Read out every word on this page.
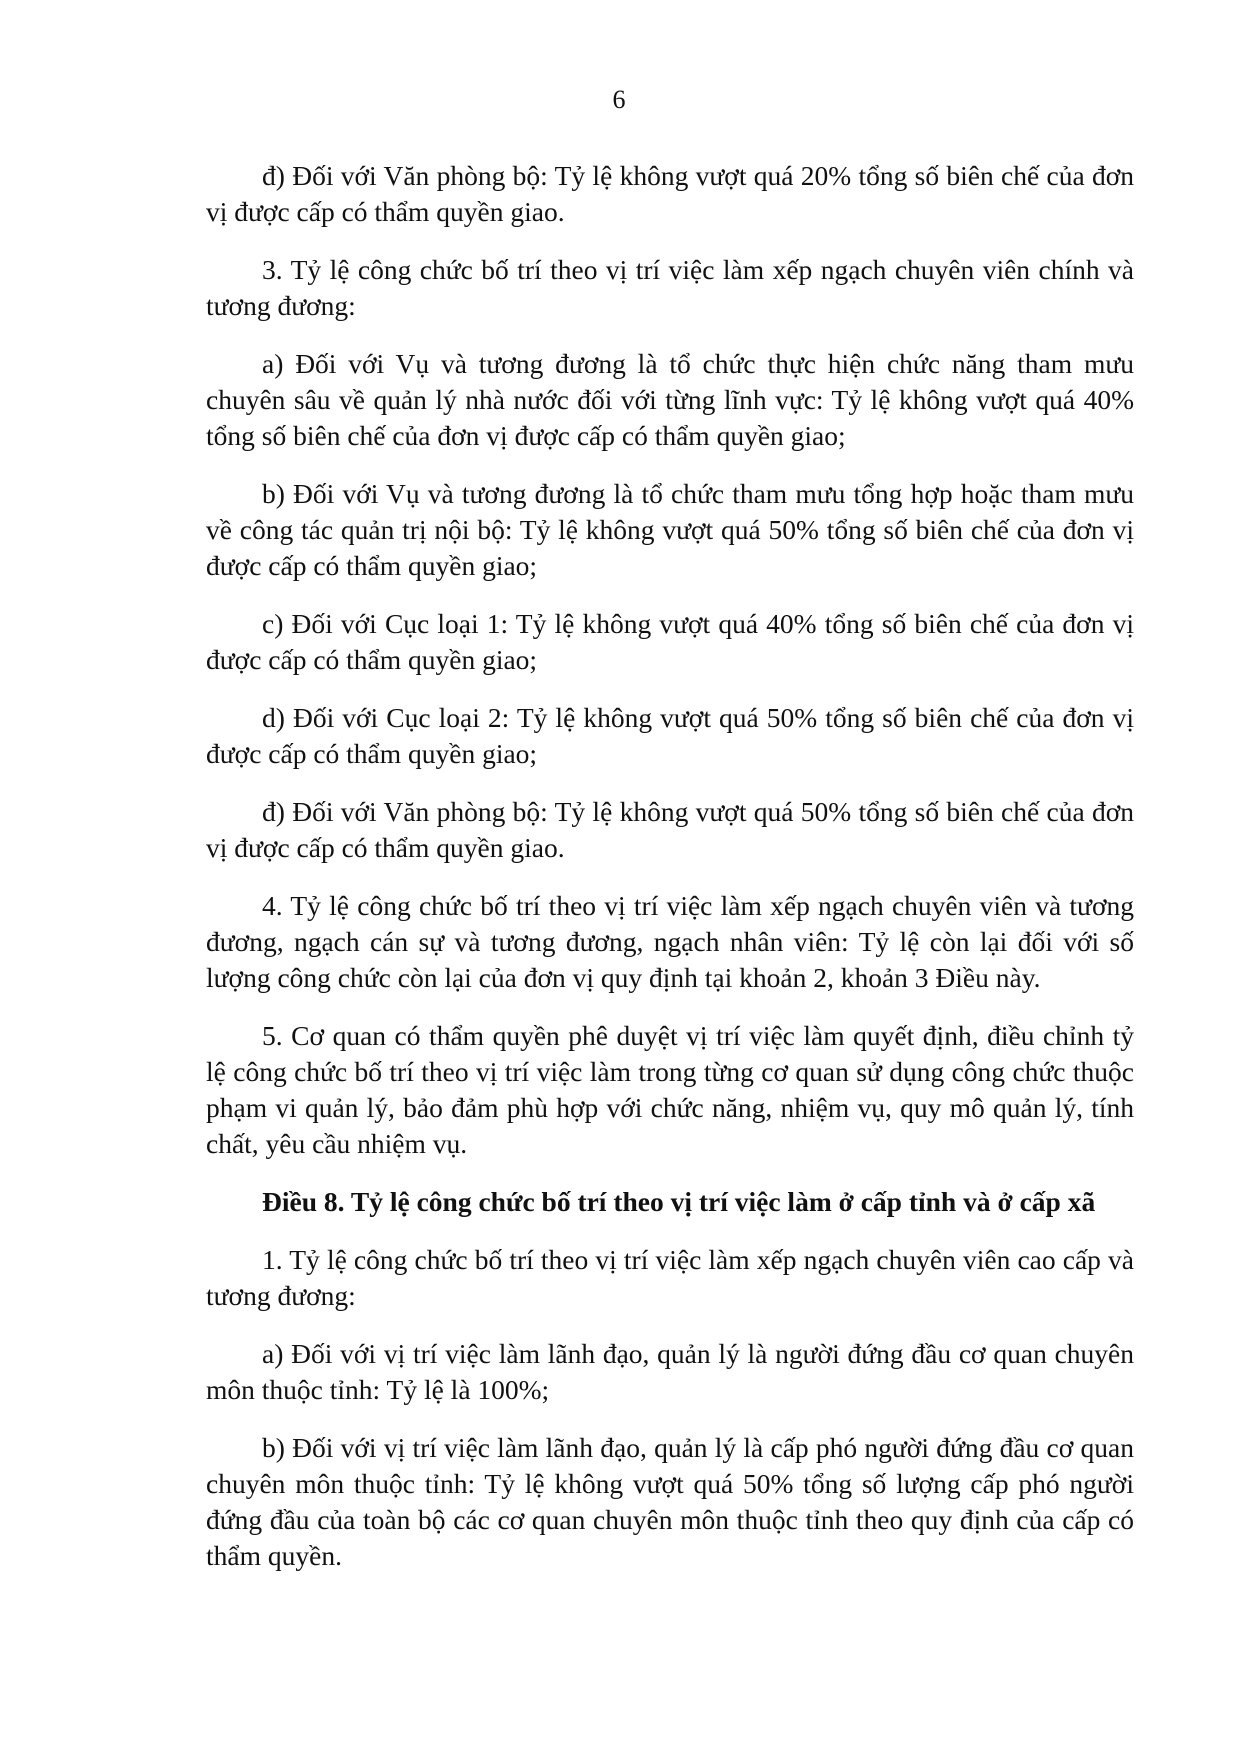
6

đ) Đối với Văn phòng bộ: Tỷ lệ không vượt quá 20% tổng số biên chế của đơn vị được cấp có thẩm quyền giao.

3. Tỷ lệ công chức bố trí theo vị trí việc làm xếp ngạch chuyên viên chính và tương đương:

a) Đối với Vụ và tương đương là tổ chức thực hiện chức năng tham mưu chuyên sâu về quản lý nhà nước đối với từng lĩnh vực: Tỷ lệ không vượt quá 40% tổng số biên chế của đơn vị được cấp có thẩm quyền giao;

b) Đối với Vụ và tương đương là tổ chức tham mưu tổng hợp hoặc tham mưu về công tác quản trị nội bộ: Tỷ lệ không vượt quá 50% tổng số biên chế của đơn vị được cấp có thẩm quyền giao;

c) Đối với Cục loại 1: Tỷ lệ không vượt quá 40% tổng số biên chế của đơn vị được cấp có thẩm quyền giao;

d) Đối với Cục loại 2: Tỷ lệ không vượt quá 50% tổng số biên chế của đơn vị được cấp có thẩm quyền giao;

đ) Đối với Văn phòng bộ: Tỷ lệ không vượt quá 50% tổng số biên chế của đơn vị được cấp có thẩm quyền giao.

4. Tỷ lệ công chức bố trí theo vị trí việc làm xếp ngạch chuyên viên và tương đương, ngạch cán sự và tương đương, ngạch nhân viên: Tỷ lệ còn lại đối với số lượng công chức còn lại của đơn vị quy định tại khoản 2, khoản 3 Điều này.

5. Cơ quan có thẩm quyền phê duyệt vị trí việc làm quyết định, điều chỉnh tỷ lệ công chức bố trí theo vị trí việc làm trong từng cơ quan sử dụng công chức thuộc phạm vi quản lý, bảo đảm phù hợp với chức năng, nhiệm vụ, quy mô quản lý, tính chất, yêu cầu nhiệm vụ.

Điều 8. Tỷ lệ công chức bố trí theo vị trí việc làm ở cấp tỉnh và ở cấp xã

1. Tỷ lệ công chức bố trí theo vị trí việc làm xếp ngạch chuyên viên cao cấp và tương đương:

a) Đối với vị trí việc làm lãnh đạo, quản lý là người đứng đầu cơ quan chuyên môn thuộc tỉnh: Tỷ lệ là 100%;

b) Đối với vị trí việc làm lãnh đạo, quản lý là cấp phó người đứng đầu cơ quan chuyên môn thuộc tỉnh: Tỷ lệ không vượt quá 50% tổng số lượng cấp phó người đứng đầu của toàn bộ các cơ quan chuyên môn thuộc tỉnh theo quy định của cấp có thẩm quyền.
